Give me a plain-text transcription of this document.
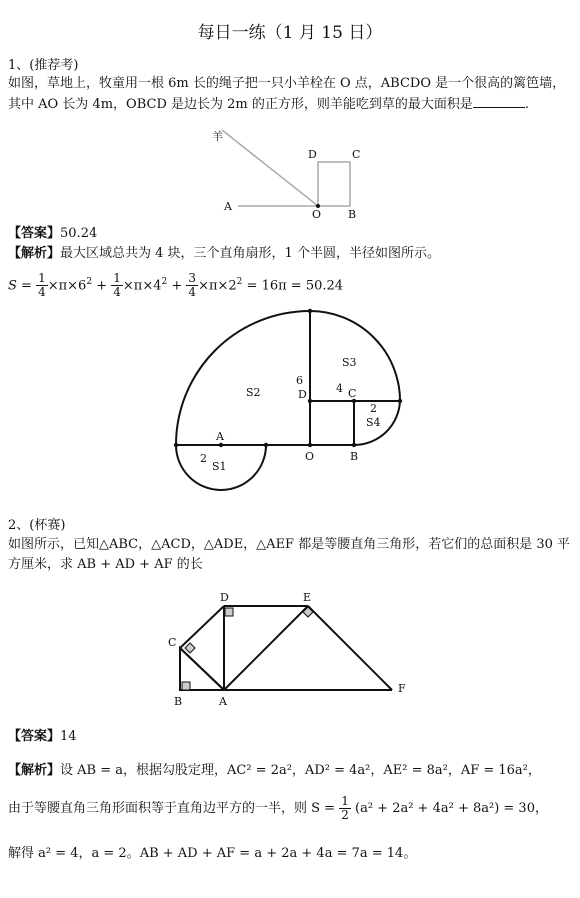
每日一练（1 月 15 日）
1、(推荐考)
如图，草地上，牧童用一根 6m 长的绳子把一只小羊栓在 O 点，ABCDO 是一个很高的篱笆墙，其中 AO 长为 4m，OBCD 是边长为 2m 的正方形，则羊能吃到草的最大面积是	.
羊
D	C
A
O B
【答案】50.24
【解析】最大区域总共为 4 块，三个直角扇形，1 个半圆，半径如图所示。
$S = \frac{1}{4} \times\pi\times 6^2 + \frac{1}{4} \times\pi\times 4^2 + \frac{3}{4} \times\pi\times 2^2 = 16\pi = 50.24$
S2
S3
S4
S1
6
4
2
2
A
O	B
C
D
2、(杯赛)
如图所示，已知△ABC，△ACD，△ADE，△AEF 都是等腰直角三角形，若它们的总面积是 30 平方厘米，求 AB + AD + AF 的长
D	E
C
B	A
F
【答案】14
【解析】设 AB = a，根据勾股定理，AC² = 2a²，AD² = 4a²，AE² = 8a²，AF = 16a²，
由于等腰直角三角形面积等于直角边平方的一半，则 $S = \frac{1}{2} (a^2 + 2a^2 + 4a^2 + 8a^2) = 30$，
解得 a² = 4，a = 2。AB + AD + AF = a + 2a + 4a = 7a = 14。
